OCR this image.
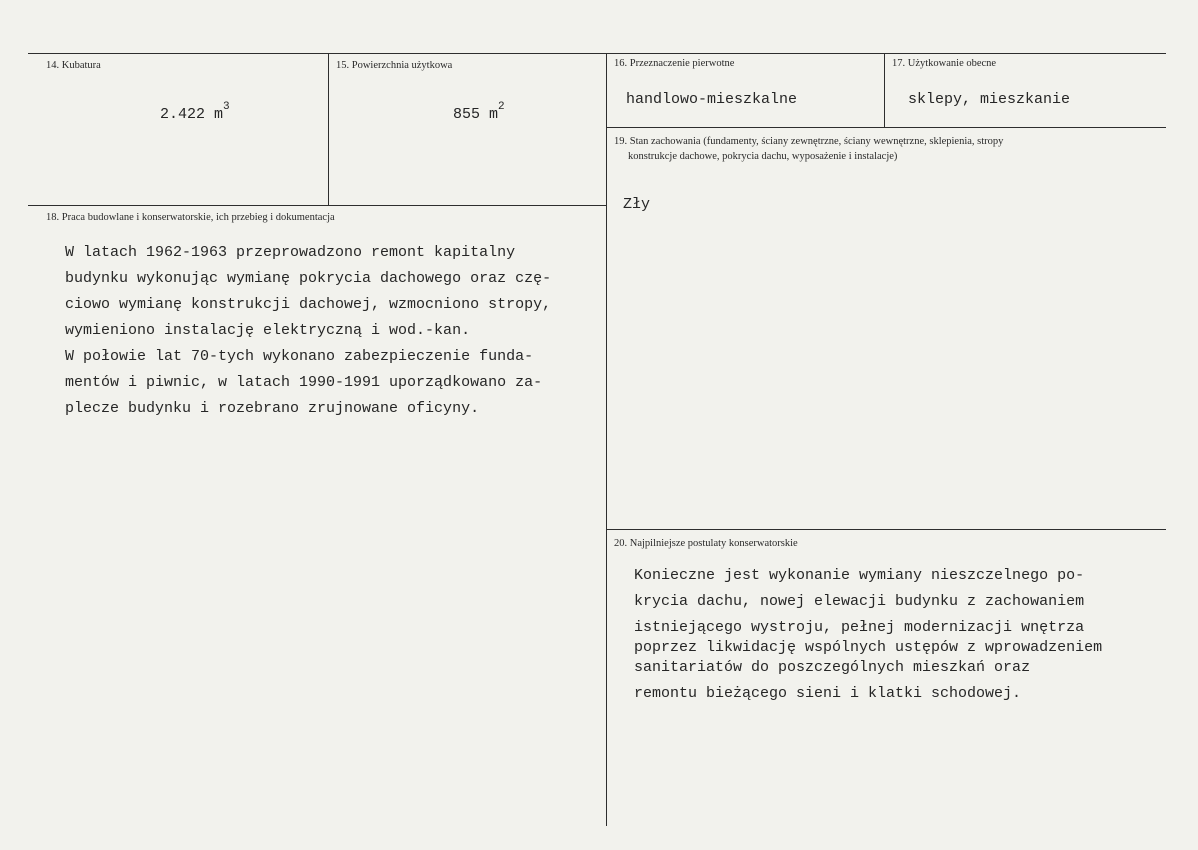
14. Kubatura
2.422 $m^3$
15. Powierzchnia użytkowa
855 $m^2$
16. Przeznaczenie pierwotne
handlowo-mieszkalne
17. Użytkowanie obecne
sklepy, mieszkanie
19. Stan zachowania (fundamenty, ściany zewnętrzne, ściany wewnętrzne, sklepienia, stropy
konstrukcje dachowe, pokrycia dachu, wyposażenie i instalacje)
Zły
18. Praca budowlane i konserwatorskie, ich przebieg i dokumentacja
W latach 1962-1963 przeprowadzono remont kapitalny
budynku wykonując wymianę pokrycia dachowego oraz czę-
ciowo wymianę konstrukcji dachowej, wzmocniono stropy,
wymieniono instalację elektryczną i wod.-kan.
W połowie lat 70-tych wykonano zabezpieczenie funda-
mentów i piwnic, w latach 1990-1991 uporządkowano za-
plecze budynku i rozebrano zrujnowane oficyny.
20. Najpilniejsze postulaty konserwatorskie
Konieczne jest wykonanie wymiany nieszczelnego po-
krycia dachu, nowej elewacji budynku z zachowaniem
istniejącego wystroju, pełnej modernizacji wnętrza
poprzez likwidację wspólnych ustępów z wprowadzeniem
sanitariatów do poszczególnych mieszkań oraz
remontu bieżącego sieni i klatki schodowej.
